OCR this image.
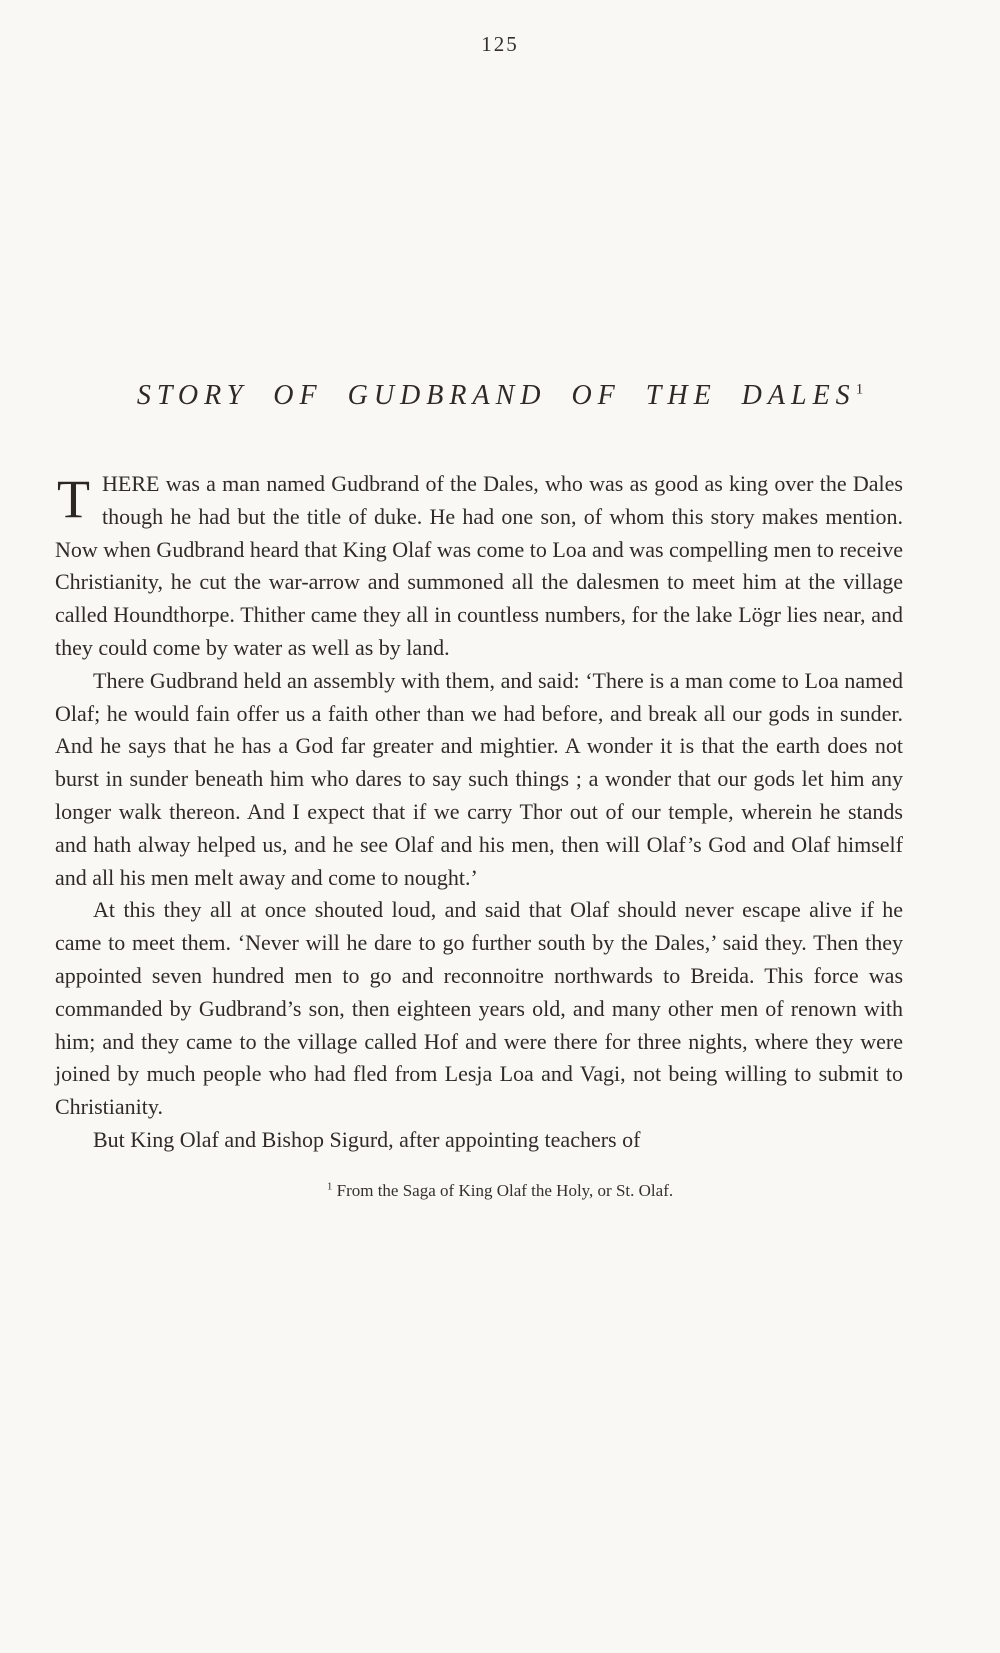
125
STORY OF GUDBRAND OF THE DALES$^1$

THERE was a man named Gudbrand of the Dales, who was as good as king over the Dales though he had but the title of duke. He had one son, of whom this story makes mention. Now when Gudbrand heard that King Olaf was come to Loa and was compelling men to receive Christianity, he cut the war-arrow and summoned all the dalesmen to meet him at the village called Houndthorpe. Thither came they all in countless numbers, for the lake Lögr lies near, and they could come by water as well as by land.

There Gudbrand held an assembly with them, and said: ‘There is a man come to Loa named Olaf; he would fain offer us a faith other than we had before, and break all our gods in sunder. And he says that he has a God far greater and mightier. A wonder it is that the earth does not burst in sunder beneath him who dares to say such things ; a wonder that our gods let him any longer walk thereon. And I expect that if we carry Thor out of our temple, wherein he stands and hath alway helped us, and he see Olaf and his men, then will Olaf’s God and Olaf himself and all his men melt away and come to nought.’

At this they all at once shouted loud, and said that Olaf should never escape alive if he came to meet them. ‘Never will he dare to go further south by the Dales,’ said they. Then they appointed seven hundred men to go and reconnoitre northwards to Breida. This force was commanded by Gudbrand’s son, then eighteen years old, and many other men of renown with him; and they came to the village called Hof and were there for three nights, where they were joined by much people who had fled from Lesja Loa and Vagi, not being willing to submit to Christianity.

But King Olaf and Bishop Sigurd, after appointing teachers of

$^1$ From the Saga of King Olaf the Holy, or St. Olaf.
